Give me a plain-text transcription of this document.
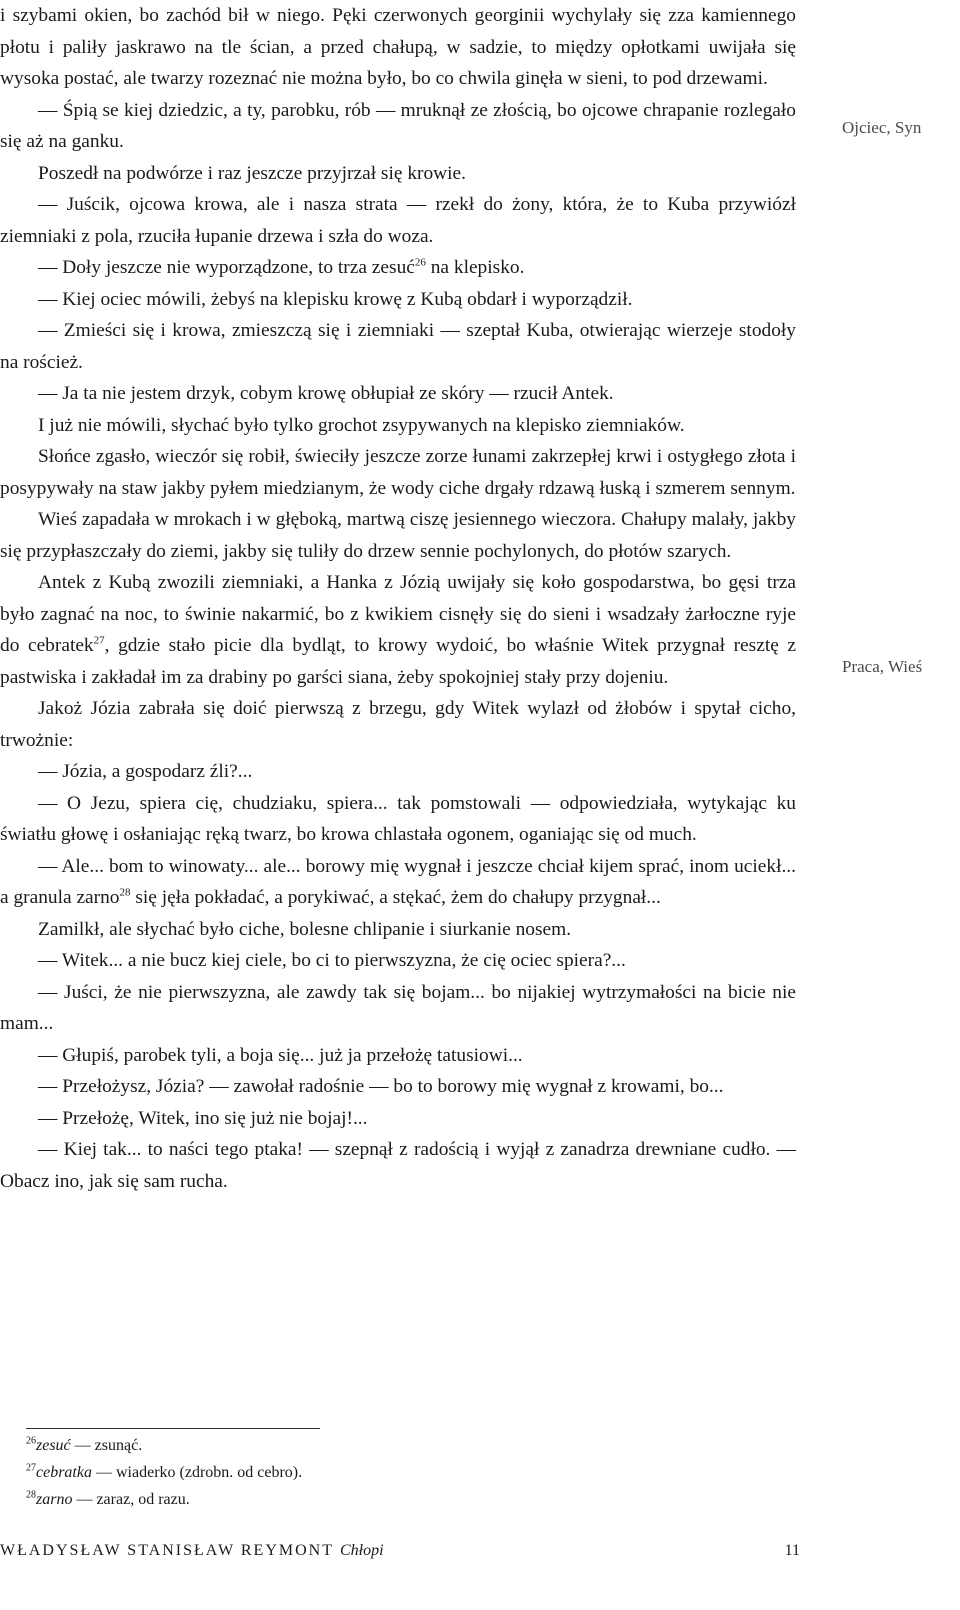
i szybami okien, bo zachód bił w niego. Pęki czerwonych georginii wychylały się zza kamiennego płotu i paliły jaskrawo na tle ścian, a przed chałupą, w sadzie, to między opłotkami uwijała się wysoka postać, ale twarzy rozeznać nie można było, bo co chwila ginęła w sieni, to pod drzewami.

— Śpią se kiej dziedzic, a ty, parobku, rób — mruknął ze złością, bo ojcowe chrapanie rozlegało się aż na ganku.

Poszedł na podwórze i raz jeszcze przyjrzał się krowie.

— Juścik, ojcowa krowa, ale i nasza strata — rzekł do żony, która, że to Kuba przywiózł ziemniaki z pola, rzuciła łupanie drzewa i szła do woza.

— Doły jeszcze nie wyporządzone, to trza zesuć$^{26}$ na klepisko.

— Kiej ociec mówili, żebyś na klepisku krowę z Kubą obdarł i wyporządził.

— Zmieści się i krowa, zmieszczą się i ziemniaki — szeptał Kuba, otwierając wierzeje stodoły na roścież.

— Ja ta nie jestem drzyk, cobym krowę obłupiał ze skóry — rzucił Antek.

I już nie mówili, słychać było tylko grochot zsypywanych na klepisko ziemniaków.

Słońce zgasło, wieczór się robił, świeciły jeszcze zorze łunami zakrzepłej krwi i ostygłego złota i posypywały na staw jakby pyłem miedzianym, że wody ciche drgały rdzawą łuską i szmerem sennym.

Wieś zapadała w mrokach i w głęboką, martwą ciszę jesiennego wieczora. Chałupy malały, jakby się przypłaszczały do ziemi, jakby się tuliły do drzew sennie pochylonych, do płotów szarych.

Antek z Kubą zwozili ziemniaki, a Hanka z Józią uwijały się koło gospodarstwa, bo gęsi trza było zagnać na noc, to świnie nakarmić, bo z kwikiem cisnęły się do sieni i wsadzały żarłoczne ryje do cebratek$^{27}$, gdzie stało picie dla bydląt, to krowy wydoić, bo właśnie Witek przygnał resztę z pastwiska i zakładał im za drabiny po garści siana, żeby spokojniej stały przy dojeniu.

Jakoż Józia zabrała się doić pierwszą z brzegu, gdy Witek wylazł od żłobów i spytał cicho, trwożnie:

— Józia, a gospodarz źli?...

— O Jezu, spiera cię, chudziaku, spiera... tak pomstowali — odpowiedziała, wytykając ku światłu głowę i osłaniając ręką twarz, bo krowa chlastała ogonem, oganiając się od much.

— Ale... bom to winowaty... ale... borowy mię wygnał i jeszcze chciał kijem sprać, inom uciekł... a granula zarno$^{28}$ się jęła pokładać, a porykiwać, a stękać, żem do chałupy przygnał...

Zamilkł, ale słychać było ciche, bolesne chlipanie i siurkanie nosem.

— Witek... a nie bucz kiej ciele, bo ci to pierwszyzna, że cię ociec spiera?...

— Juści, że nie pierwszyzna, ale zawdy tak się bojam... bo nijakiej wytrzymałości na bicie nie mam...

— Głupiś, parobek tyli, a boja się... już ja przełożę tatusiowi...

— Przełożysz, Józia? — zawołał radośnie — bo to borowy mię wygnał z krowami, bo...

— Przełożę, Witek, ino się już nie bojaj!...

— Kiej tak... to naści tego ptaka! — szepnął z radością i wyjął z zanadrza drewniane cudło. — Obacz ino, jak się sam rucha.

Ojciec, Syn
Praca, Wieś
$^{26}$zesuć — zsunąć.
$^{27}$cebratka — wiaderko (zdrobn. od cebro).
$^{28}$zarno — zaraz, od razu.
WŁADYSŁAW STANISŁAW REYMONT Chłopi	11
